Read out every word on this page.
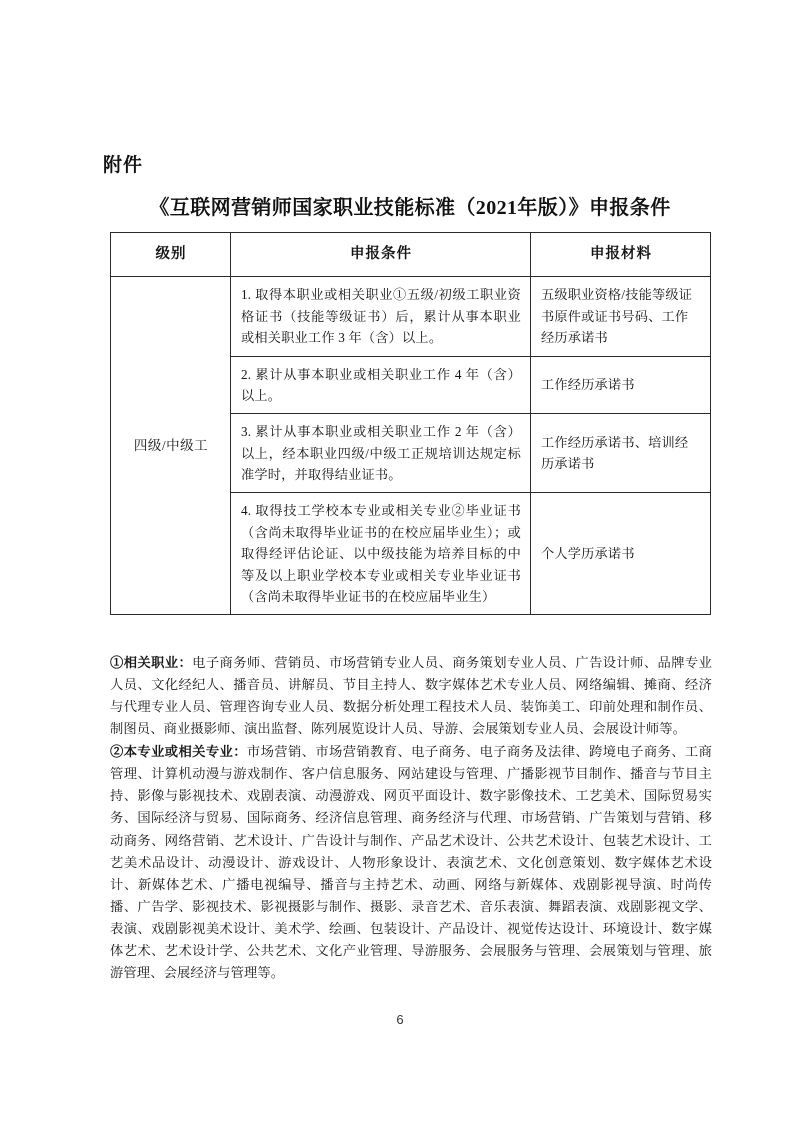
附件
《互联网营销师国家职业技能标准（2021年版）》申报条件
级别	申报条件	申报材料
四级/中级工	1. 取得本职业或相关职业①五级/初级工职业资格证书（技能等级证书）后，累计从事本职业或相关职业工作 3 年（含）以上。	五级职业资格/技能等级证书原件或证书号码、工作经历承诺书
	2. 累计从事本职业或相关职业工作 4 年（含）以上。	工作经历承诺书
	3. 累计从事本职业或相关职业工作 2 年（含）以上，经本职业四级/中级工正规培训达规定标准学时，并取得结业证书。	工作经历承诺书、培训经历承诺书
	4. 取得技工学校本专业或相关专业②毕业证书（含尚未取得毕业证书的在校应届毕业生）；或取得经评估论证、以中级技能为培养目标的中等及以上职业学校本专业或相关专业毕业证书（含尚未取得毕业证书的在校应届毕业生）	个人学历承诺书

①相关职业：电子商务师、营销员、市场营销专业人员、商务策划专业人员、广告设计师、品牌专业人员、文化经纪人、播音员、讲解员、节目主持人、数字媒体艺术专业人员、网络编辑、摊商、经济与代理专业人员、管理咨询专业人员、数据分析处理工程技术人员、装饰美工、印前处理和制作员、制图员、商业摄影师、演出监督、陈列展览设计人员、导游、会展策划专业人员、会展设计师等。

②本专业或相关专业：市场营销、市场营销教育、电子商务、电子商务及法律、跨境电子商务、工商管理、计算机动漫与游戏制作、客户信息服务、网站建设与管理、广播影视节目制作、播音与节目主持、影像与影视技术、戏剧表演、动漫游戏、网页平面设计、数字影像技术、工艺美术、国际贸易实务、国际经济与贸易、国际商务、经济信息管理、商务经济与代理、市场营销、广告策划与营销、移动商务、网络营销、艺术设计、广告设计与制作、产品艺术设计、公共艺术设计、包装艺术设计、工艺美术品设计、动漫设计、游戏设计、人物形象设计、表演艺术、文化创意策划、数字媒体艺术设计、新媒体艺术、广播电视编导、播音与主持艺术、动画、网络与新媒体、戏剧影视导演、时尚传播、广告学、影视技术、影视摄影与制作、摄影、录音艺术、音乐表演、舞蹈表演、戏剧影视文学、表演、戏剧影视美术设计、美术学、绘画、包装设计、产品设计、视觉传达设计、环境设计、数字媒体艺术、艺术设计学、公共艺术、文化产业管理、导游服务、会展服务与管理、会展策划与管理、旅游管理、会展经济与管理等。

6
